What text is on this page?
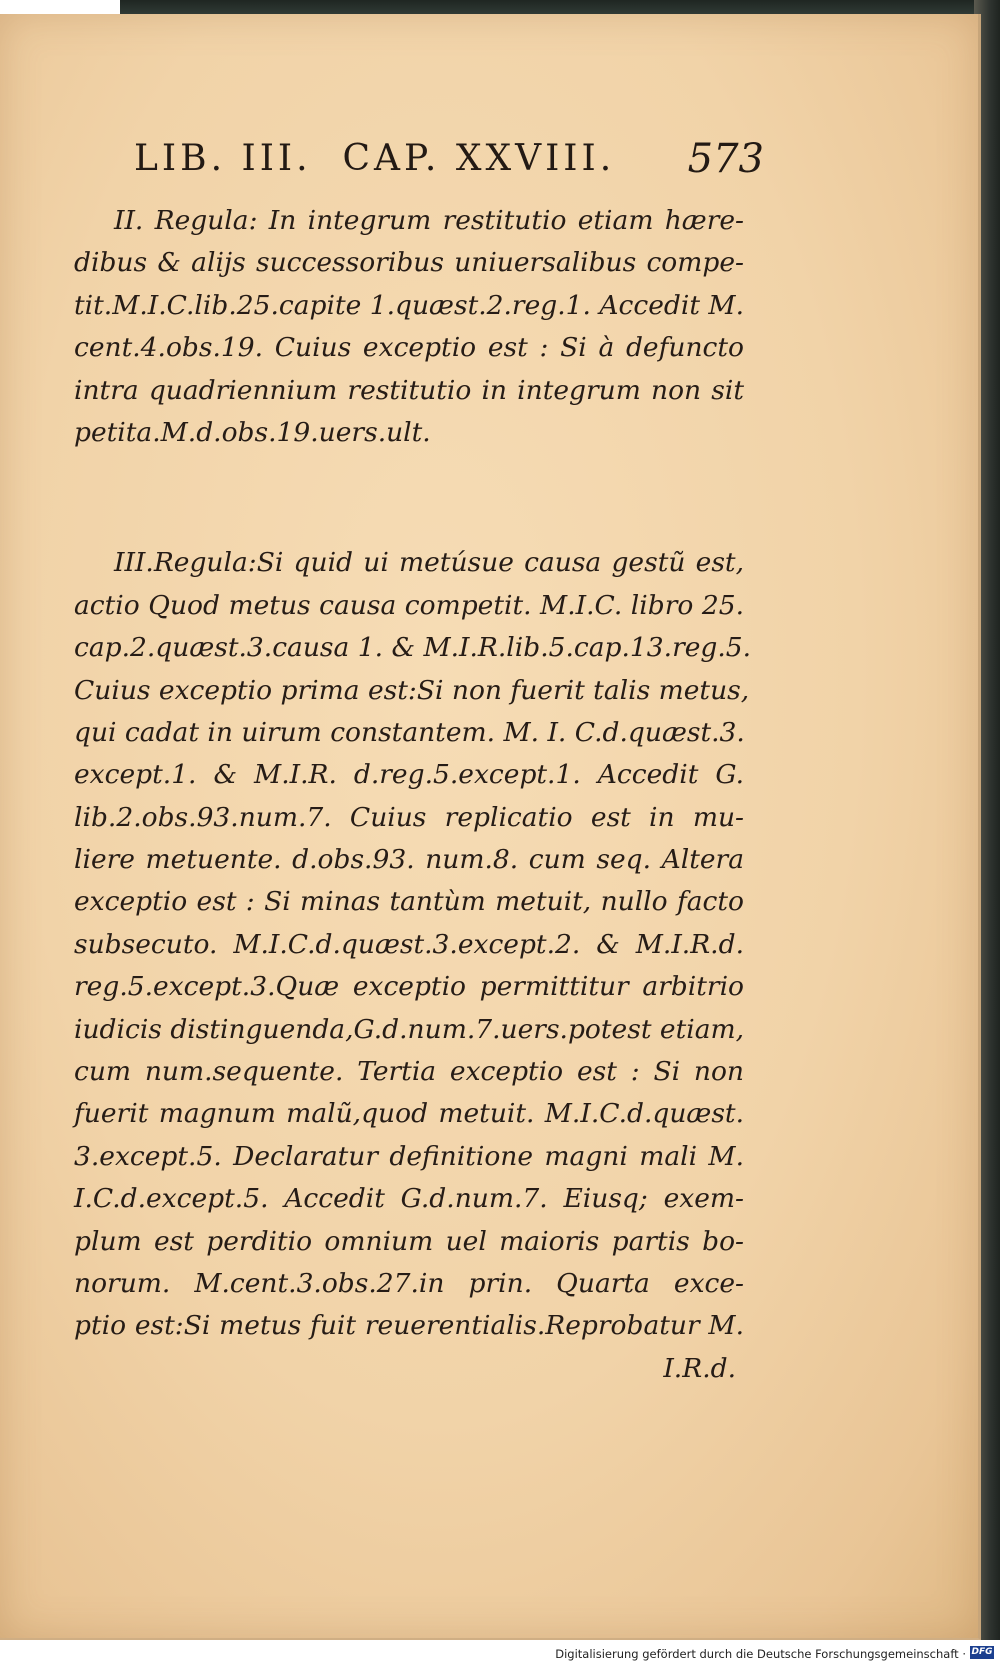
LIB. III.  CAP. XXVIII. 573
II. Regula: In integrum restitutio etiam hære-
dibus & alijs successoribus uniuersalibus compe-
tit.M.I.C.lib.25.capite 1.quæst.2.reg.1. Accedit M.
cent.4.obs.19. Cuius exceptio est : Si à defuncto
intra quadriennium restitutio in integrum non sit
petita.M.d.obs.19.uers.ult.
III.Regula:Si quid ui metúsue causa gestũ est,
actio Quod metus causa competit. M.I.C. libro 25.
cap.2.quæst.3.causa 1. & M.I.R.lib.5.cap.13.reg.5.
Cuius exceptio prima est:Si non fuerit talis metus,
qui cadat in uirum constantem. M. I. C.d.quæst.3.
except.1. & M.I.R. d.reg.5.except.1. Accedit G.
lib.2.obs.93.num.7. Cuius replicatio est in mu-
liere metuente. d.obs.93. num.8. cum seq. Altera
exceptio est : Si minas tantùm metuit, nullo facto
subsecuto. M.I.C.d.quæst.3.except.2. & M.I.R.d.
reg.5.except.3.Quæ exceptio permittitur arbitrio
iudicis distinguenda,G.d.num.7.uers.potest etiam,
cum num.sequente. Tertia exceptio est : Si non
fuerit magnum malũ,quod metuit. M.I.C.d.quæst.
3.except.5. Declaratur definitione magni mali M.
I.C.d.except.5. Accedit G.d.num.7. Eiusq; exem-
plum est perditio omnium uel maioris partis bo-
norum. M.cent.3.obs.27.in prin. Quarta exce-
ptio est:Si metus fuit reuerentialis.Reprobatur M.
I.R.d.
Digitalisierung gefördert durch die Deutsche Forschungsgemeinschaft · DFG
